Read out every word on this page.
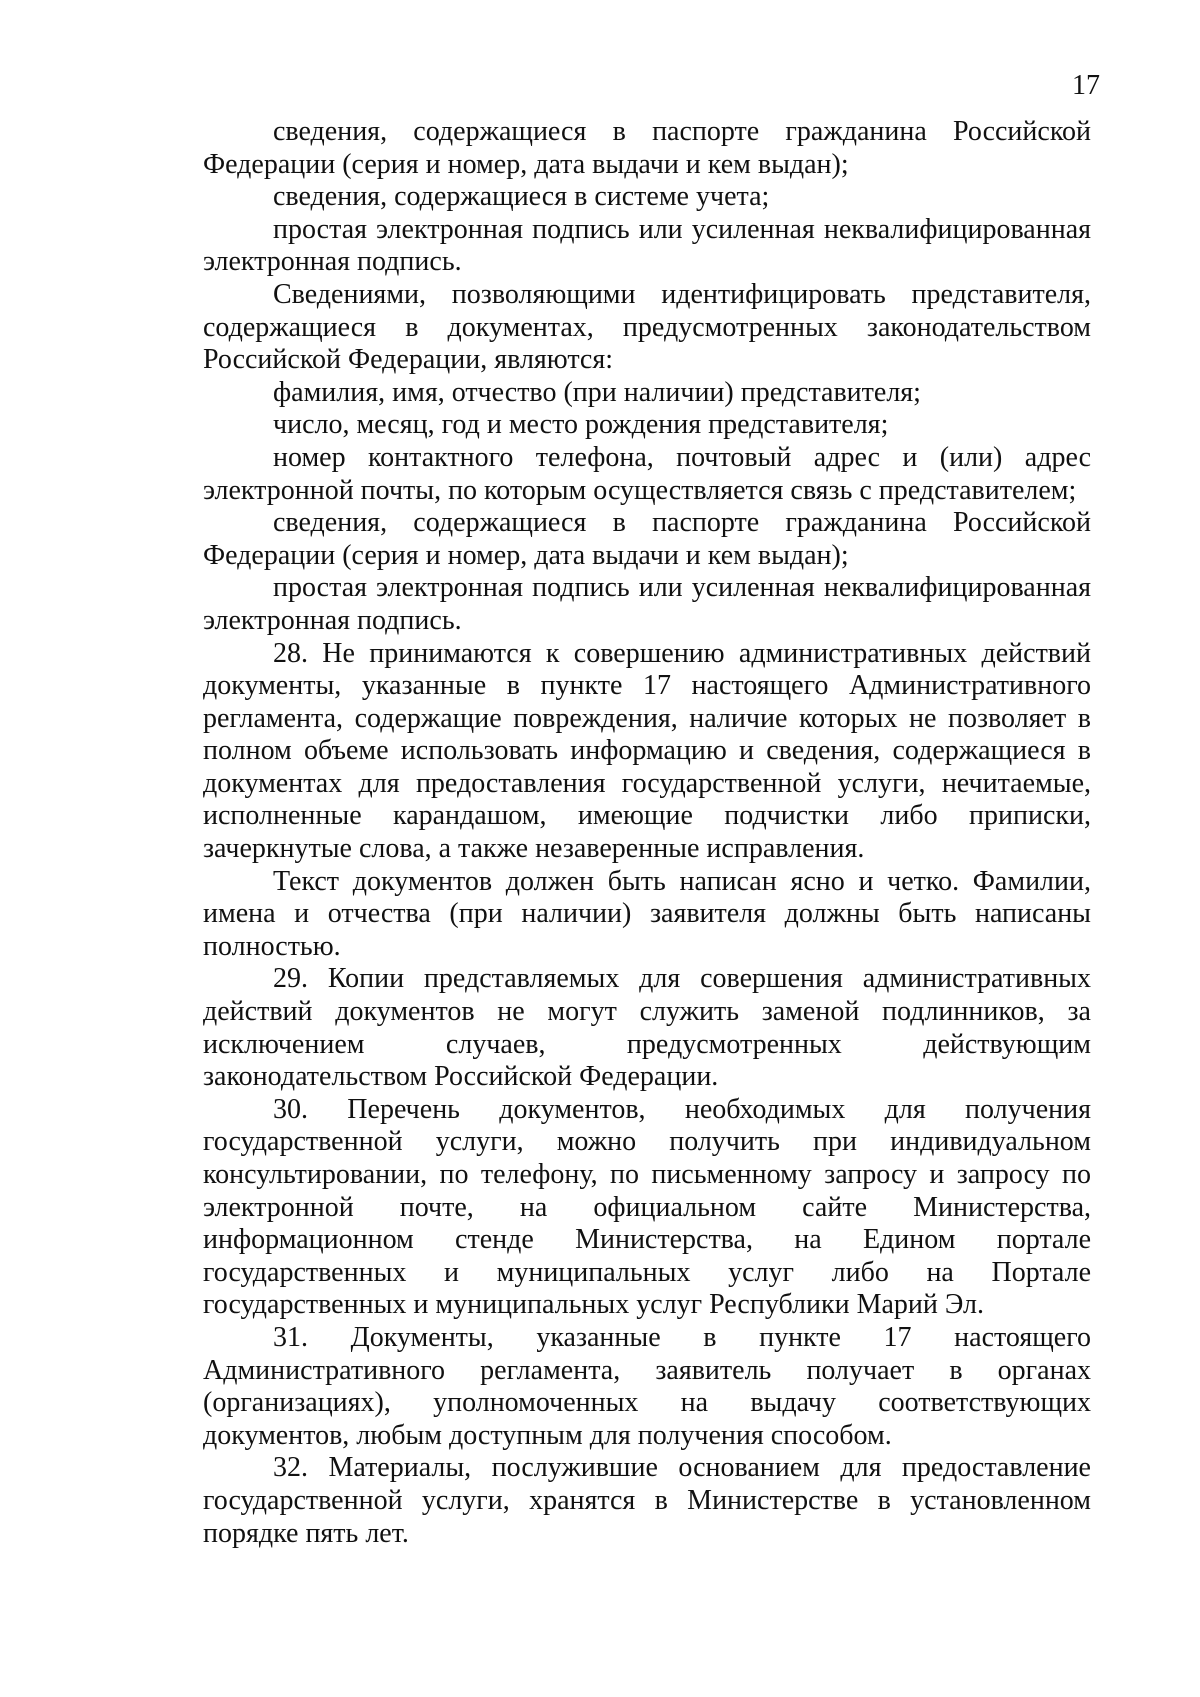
17

сведения, содержащиеся в паспорте гражданина Российской Федерации (серия и номер, дата выдачи и кем выдан);

сведения, содержащиеся в системе учета;

простая электронная подпись или усиленная неквалифицированная электронная подпись.

Сведениями, позволяющими идентифицировать представителя, содержащиеся в документах, предусмотренных законодательством Российской Федерации, являются:

фамилия, имя, отчество (при наличии) представителя;

число, месяц, год и место рождения представителя;

номер контактного телефона, почтовый адрес и (или) адрес электронной почты, по которым осуществляется связь с представителем;

сведения, содержащиеся в паспорте гражданина Российской Федерации (серия и номер, дата выдачи и кем выдан);

простая электронная подпись или усиленная неквалифицированная электронная подпись.

28. Не принимаются к совершению административных действий документы, указанные в пункте 17 настоящего Административного регламента, содержащие повреждения, наличие которых не позволяет в полном объеме использовать информацию и сведения, содержащиеся в документах для предоставления государственной услуги, нечитаемые, исполненные карандашом, имеющие подчистки либо приписки, зачеркнутые слова, а также незаверенные исправления.

Текст документов должен быть написан ясно и четко. Фамилии, имена и отчества (при наличии) заявителя должны быть написаны полностью.

29. Копии представляемых для совершения административных действий документов не могут служить заменой подлинников, за исключением случаев, предусмотренных действующим законодательством Российской Федерации.

30. Перечень документов, необходимых для получения государственной услуги, можно получить при индивидуальном консультировании, по телефону, по письменному запросу и запросу по электронной почте, на официальном сайте Министерства, информационном стенде Министерства, на Едином портале государственных и муниципальных услуг либо на Портале государственных и муниципальных услуг Республики Марий Эл.

31. Документы, указанные в пункте 17 настоящего Административного регламента, заявитель получает в органах (организациях), уполномоченных на выдачу соответствующих документов, любым доступным для получения способом.

32. Материалы, послужившие основанием для предоставление государственной услуги, хранятся в Министерстве в установленном порядке пять лет.
